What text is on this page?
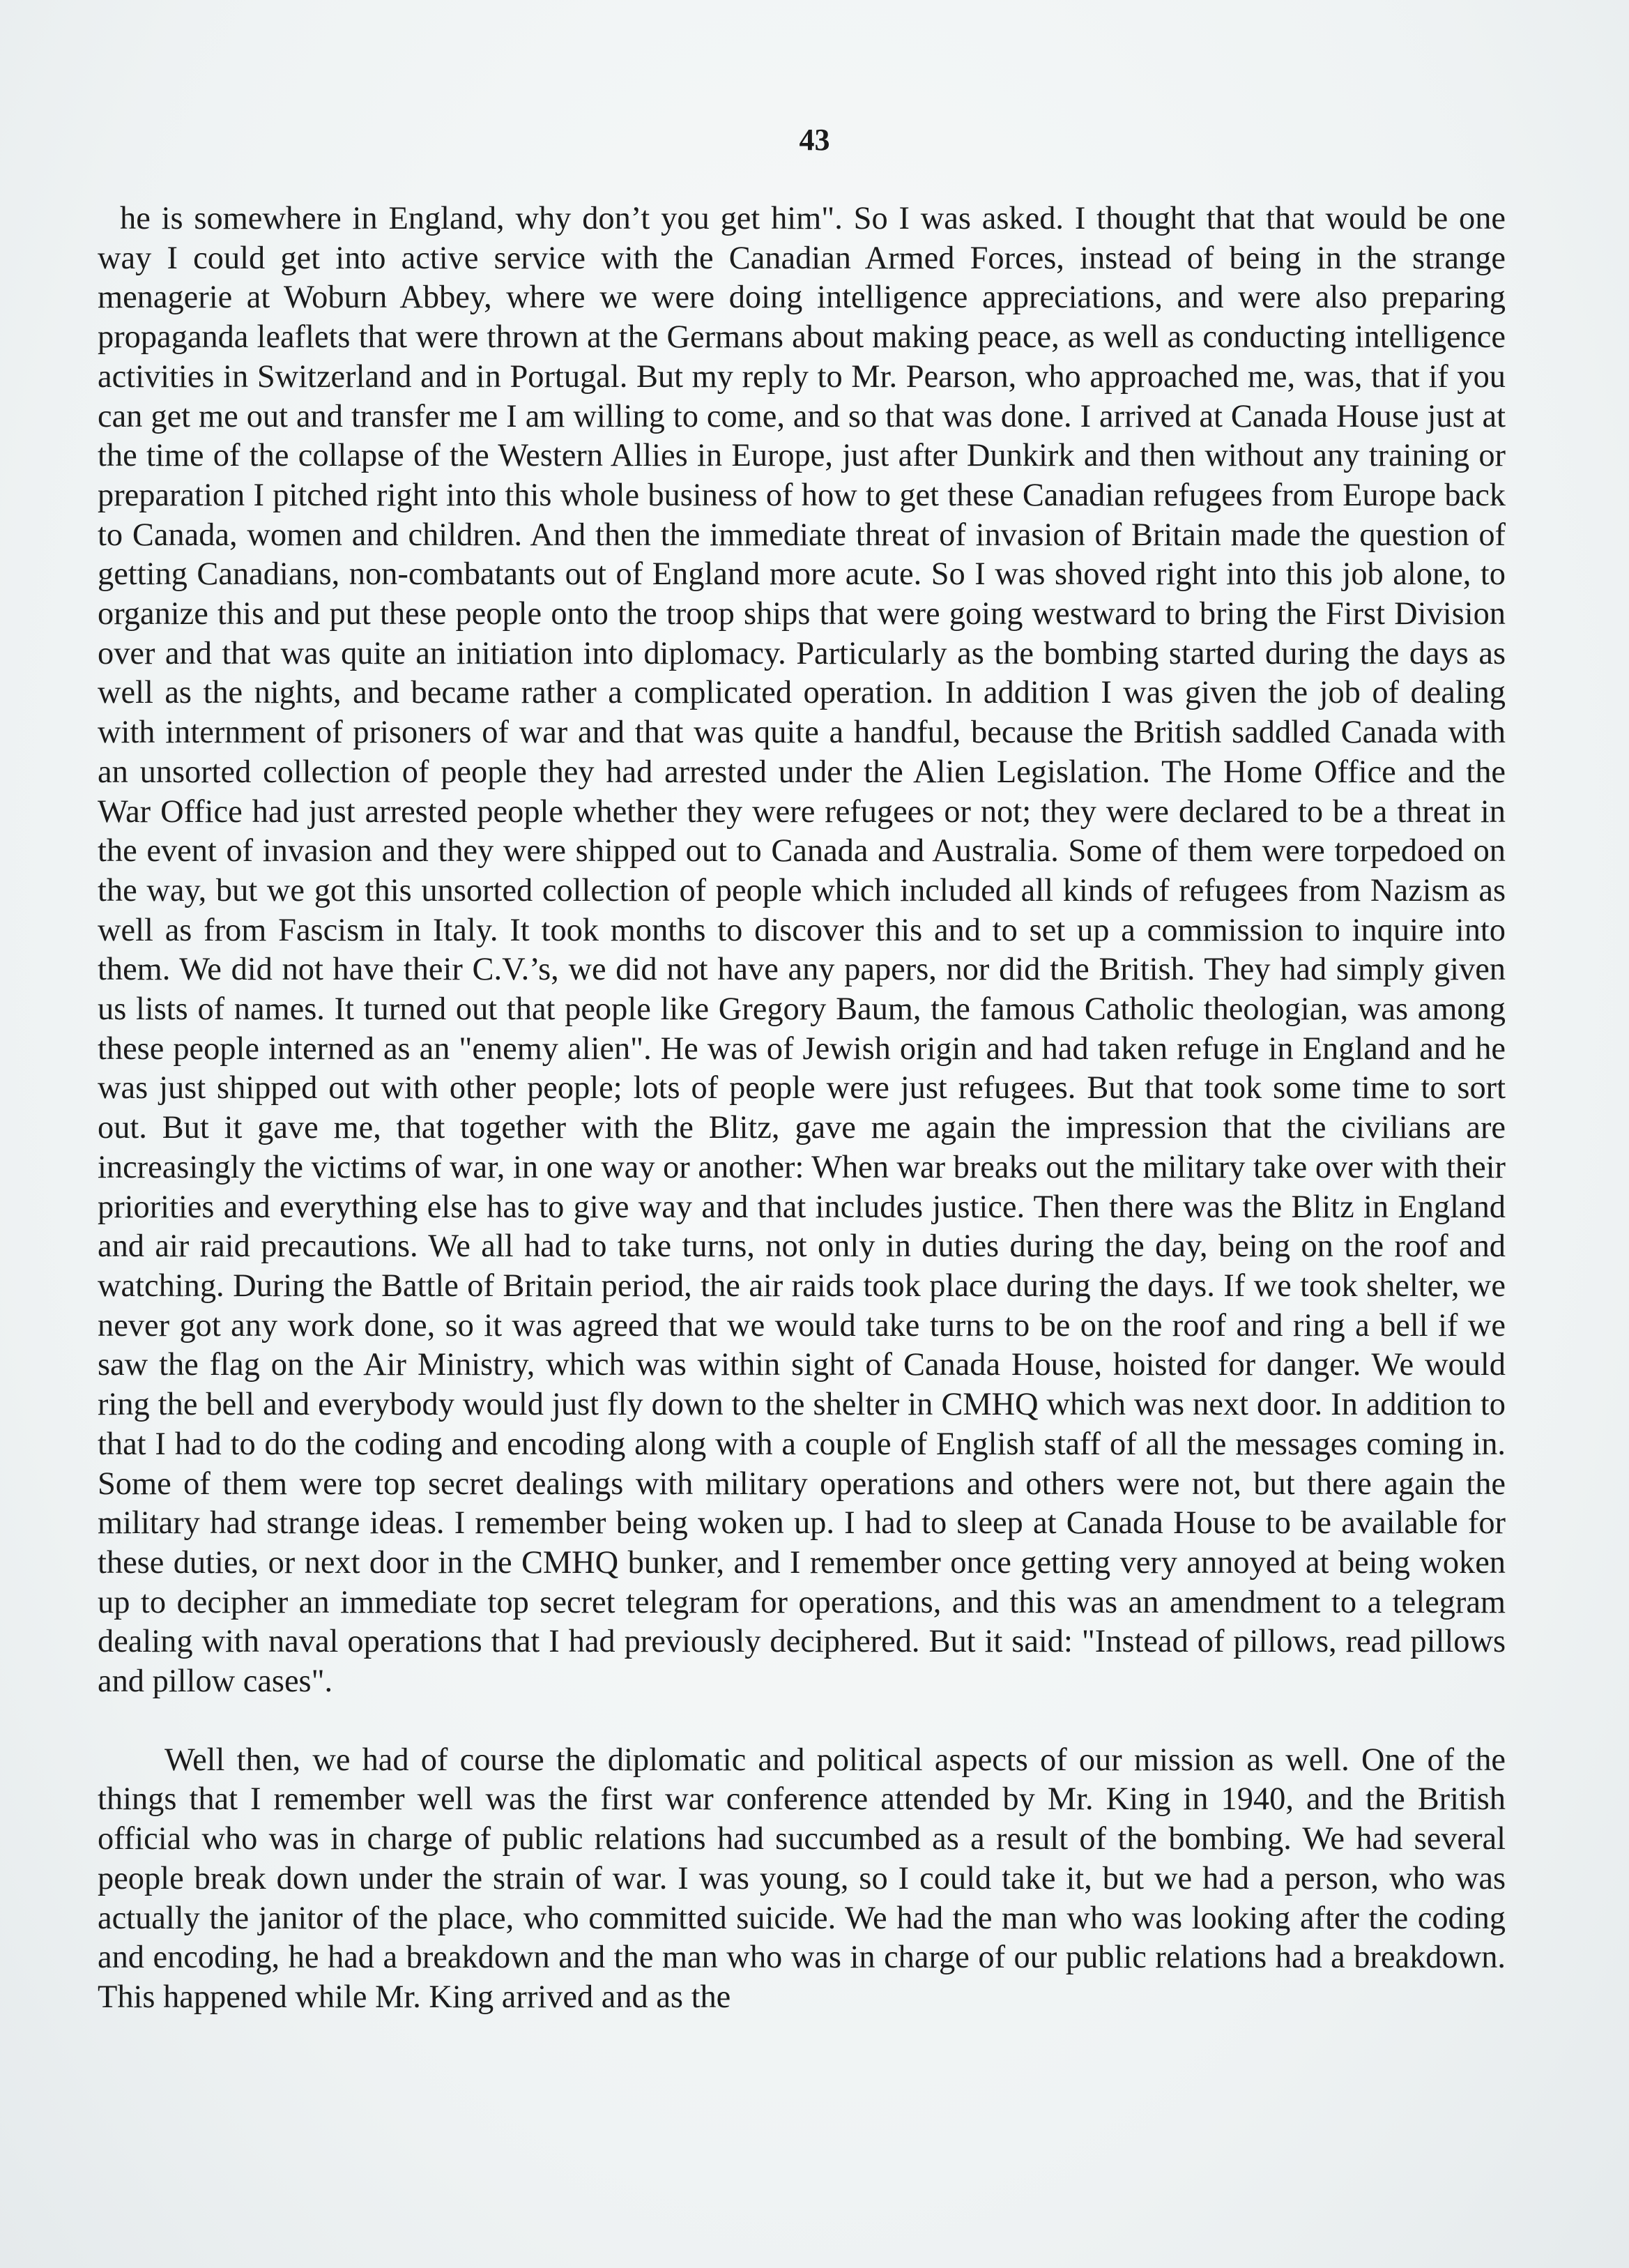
43

he is somewhere in England, why don’t you get him". So I was asked. I thought that that would be one way I could get into active service with the Canadian Armed Forces, instead of being in the strange menagerie at Woburn Abbey, where we were doing intelligence appreciations, and were also preparing propaganda leaflets that were thrown at the Germans about making peace, as well as conducting intelligence activities in Switzerland and in Portugal. But my reply to Mr. Pearson, who approached me, was, that if you can get me out and transfer me I am willing to come, and so that was done. I arrived at Canada House just at the time of the collapse of the Western Allies in Europe, just after Dunkirk and then without any training or preparation I pitched right into this whole business of how to get these Canadian refugees from Europe back to Canada, women and children. And then the immediate threat of invasion of Britain made the question of getting Canadians, non-combatants out of England more acute. So I was shoved right into this job alone, to organize this and put these people onto the troop ships that were going westward to bring the First Division over and that was quite an initiation into diplomacy. Particularly as the bombing started during the days as well as the nights, and became rather a complicated operation. In addition I was given the job of dealing with internment of prisoners of war and that was quite a handful, because the British saddled Canada with an unsorted collection of people they had arrested under the Alien Legislation. The Home Office and the War Office had just arrested people whether they were refugees or not; they were declared to be a threat in the event of invasion and they were shipped out to Canada and Australia. Some of them were torpedoed on the way, but we got this unsorted collection of people which included all kinds of refugees from Nazism as well as from Fascism in Italy. It took months to discover this and to set up a commission to inquire into them. We did not have their C.V.’s, we did not have any papers, nor did the British. They had simply given us lists of names. It turned out that people like Gregory Baum, the famous Catholic theologian, was among these people interned as an "enemy alien". He was of Jewish origin and had taken refuge in England and he was just shipped out with other people; lots of people were just refugees. But that took some time to sort out. But it gave me, that together with the Blitz, gave me again the impression that the civilians are increasingly the victims of war, in one way or another: When war breaks out the military take over with their priorities and everything else has to give way and that includes justice. Then there was the Blitz in England and air raid precautions. We all had to take turns, not only in duties during the day, being on the roof and watching. During the Battle of Britain period, the air raids took place during the days. If we took shelter, we never got any work done, so it was agreed that we would take turns to be on the roof and ring a bell if we saw the flag on the Air Ministry, which was within sight of Canada House, hoisted for danger. We would ring the bell and everybody would just fly down to the shelter in CMHQ which was next door. In addition to that I had to do the coding and encoding along with a couple of English staff of all the messages coming in. Some of them were top secret dealings with military operations and others were not, but there again the military had strange ideas. I remember being woken up. I had to sleep at Canada House to be available for these duties, or next door in the CMHQ bunker, and I remember once getting very annoyed at being woken up to decipher an immediate top secret telegram for operations, and this was an amendment to a telegram dealing with naval operations that I had previously deciphered. But it said: "Instead of pillows, read pillows and pillow cases".

Well then, we had of course the diplomatic and political aspects of our mission as well. One of the things that I remember well was the first war conference attended by Mr. King in 1940, and the British official who was in charge of public relations had succumbed as a result of the bombing. We had several people break down under the strain of war. I was young, so I could take it, but we had a person, who was actually the janitor of the place, who committed suicide. We had the man who was looking after the coding and encoding, he had a breakdown and the man who was in charge of our public relations had a breakdown. This happened while Mr. King arrived and as the
